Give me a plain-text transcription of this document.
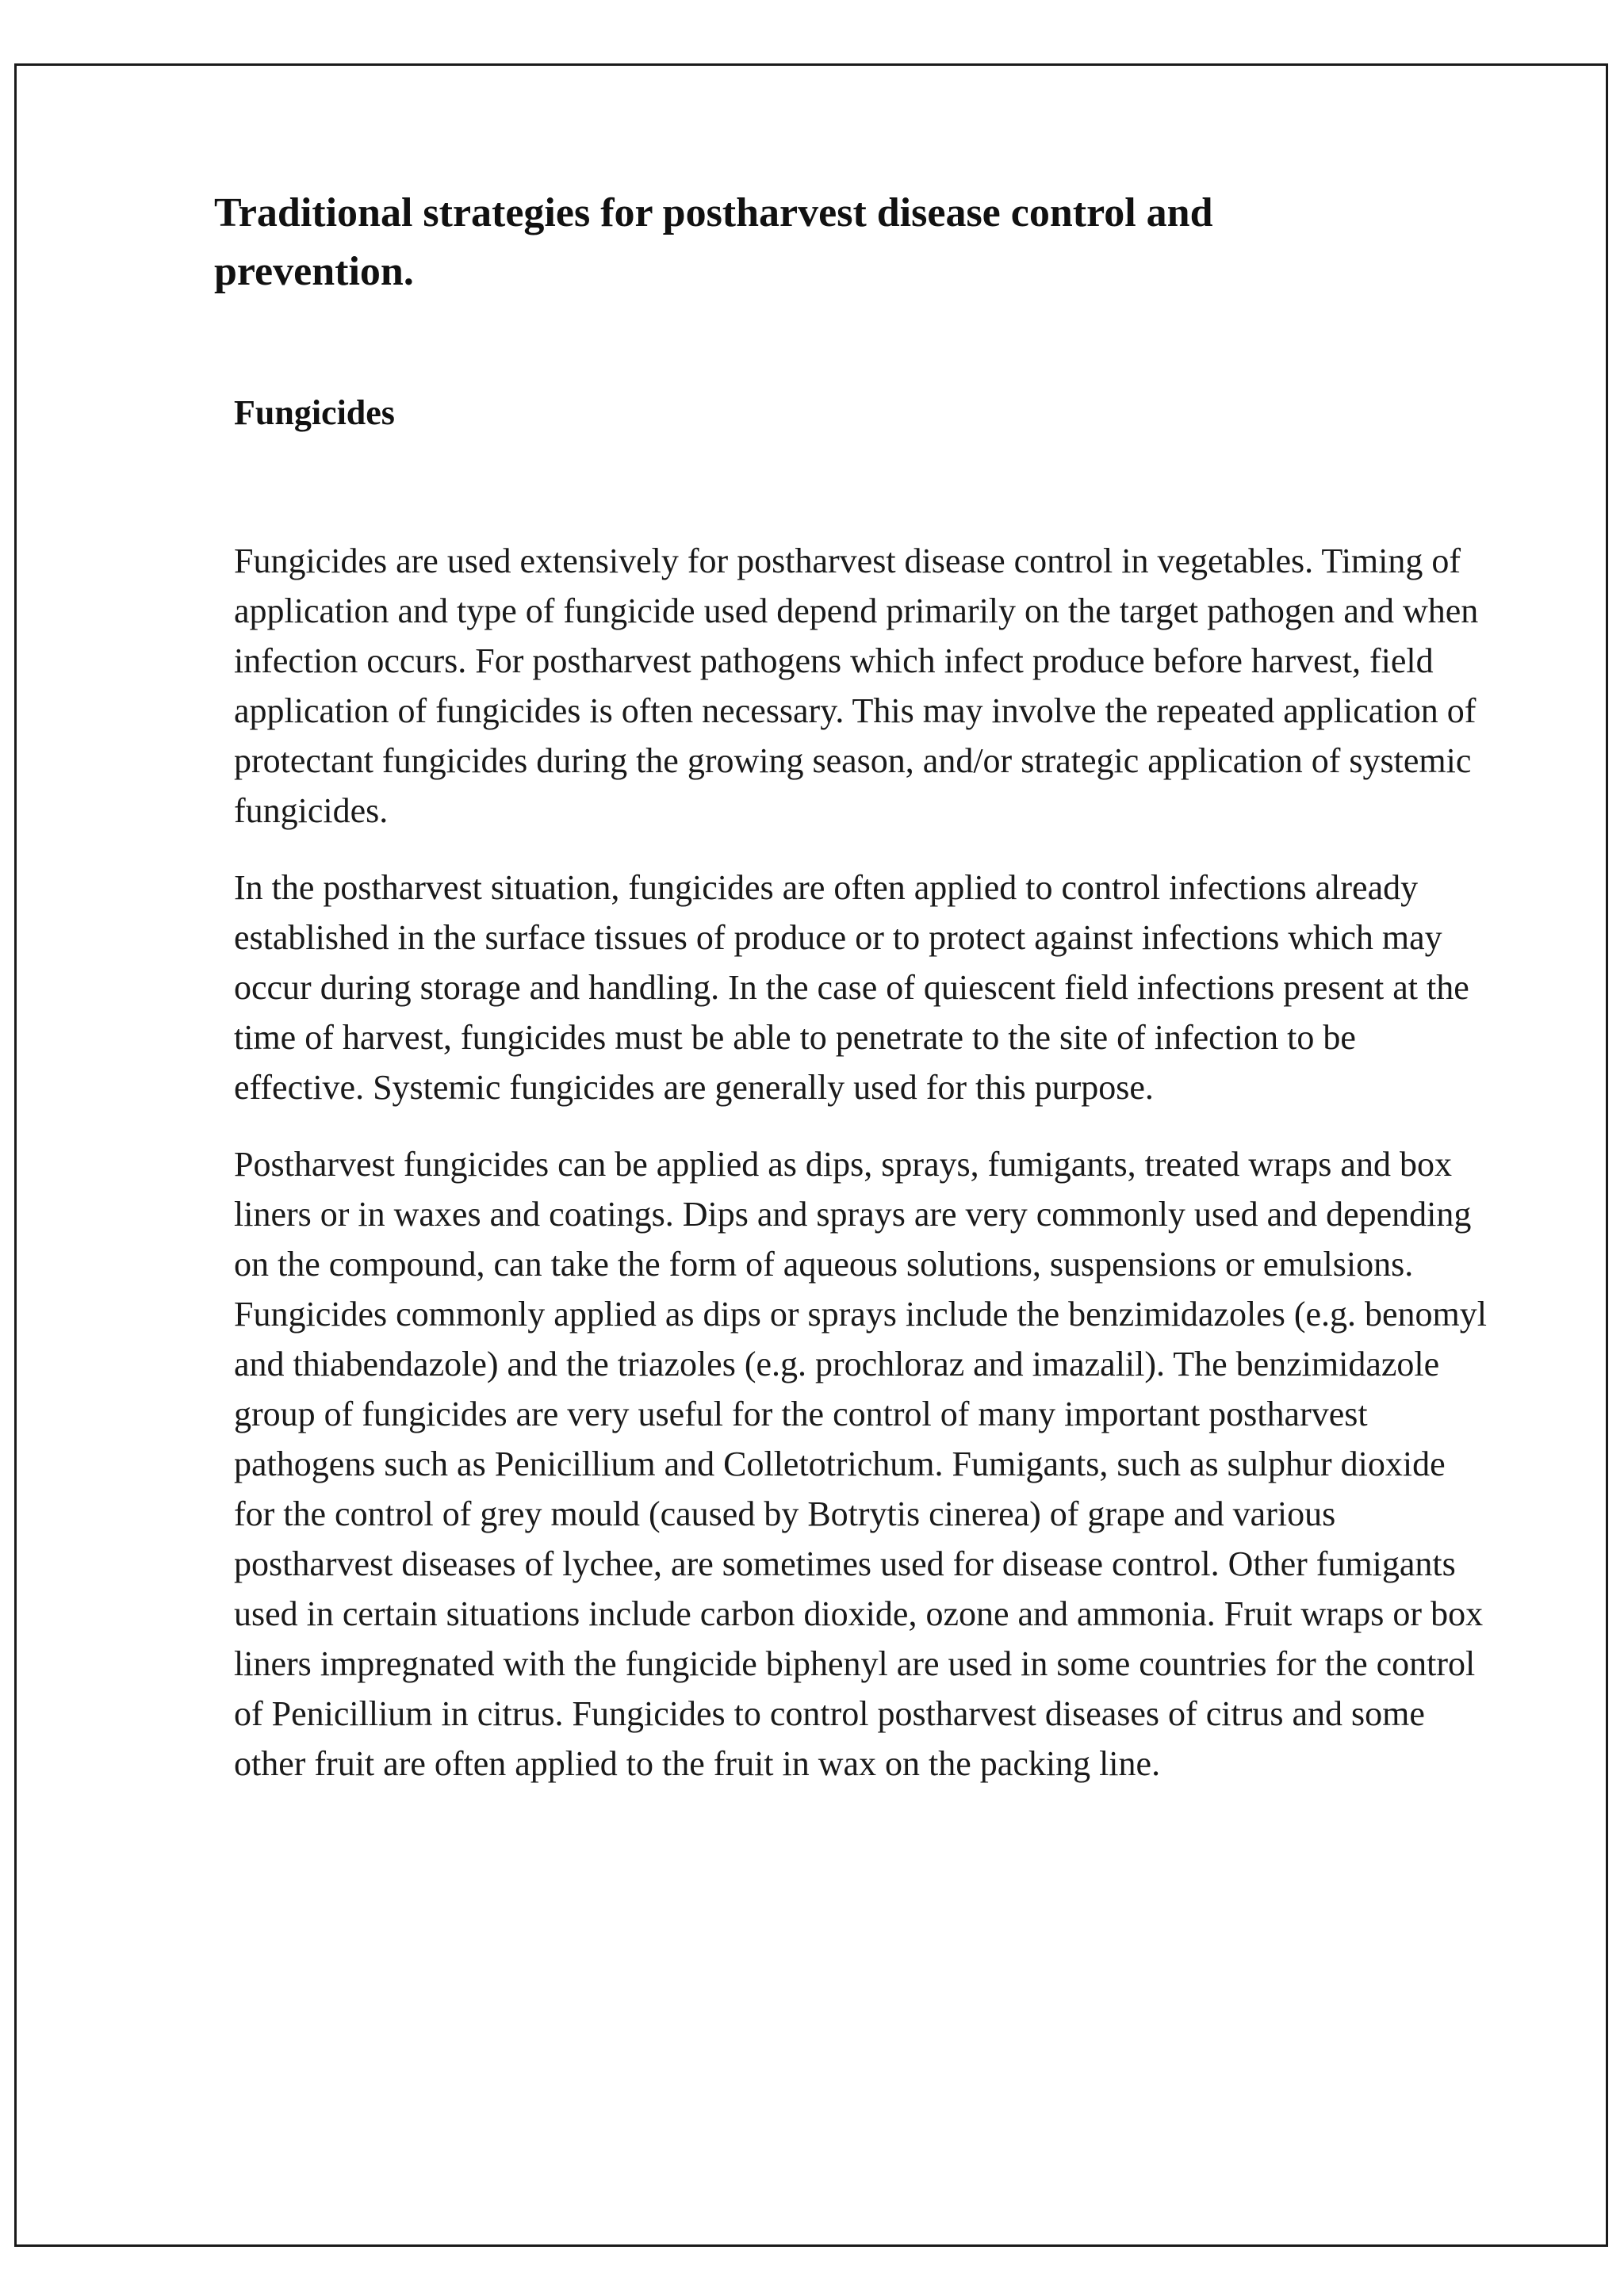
Traditional strategies for postharvest disease control and prevention.
Fungicides

Fungicides are used extensively for postharvest disease control in vegetables. Timing of application and type of fungicide used depend primarily on the target pathogen and when infection occurs. For postharvest pathogens which infect produce before harvest, field application of fungicides is often necessary. This may involve the repeated application of protectant fungicides during the growing season, and/or strategic application of systemic fungicides.

In the postharvest situation, fungicides are often applied to control infections already established in the surface tissues of produce or to protect against infections which may occur during storage and handling. In the case of quiescent field infections present at the time of harvest, fungicides must be able to penetrate to the site of infection to be effective. Systemic fungicides are generally used for this purpose.

Postharvest fungicides can be applied as dips, sprays, fumigants, treated wraps and box liners or in waxes and coatings. Dips and sprays are very commonly used and depending on the compound, can take the form of aqueous solutions, suspensions or emulsions. Fungicides commonly applied as dips or sprays include the benzimidazoles (e.g. benomyl and thiabendazole) and the triazoles (e.g. prochloraz and imazalil). The benzimidazole group of fungicides are very useful for the control of many important postharvest pathogens such as Penicillium and Colletotrichum. Fumigants, such as sulphur dioxide for the control of grey mould (caused by Botrytis cinerea) of grape and various postharvest diseases of lychee, are sometimes used for disease control. Other fumigants used in certain situations include carbon dioxide, ozone and ammonia. Fruit wraps or box liners impregnated with the fungicide biphenyl are used in some countries for the control of Penicillium in citrus. Fungicides to control postharvest diseases of citrus and some other fruit are often applied to the fruit in wax on the packing line.
